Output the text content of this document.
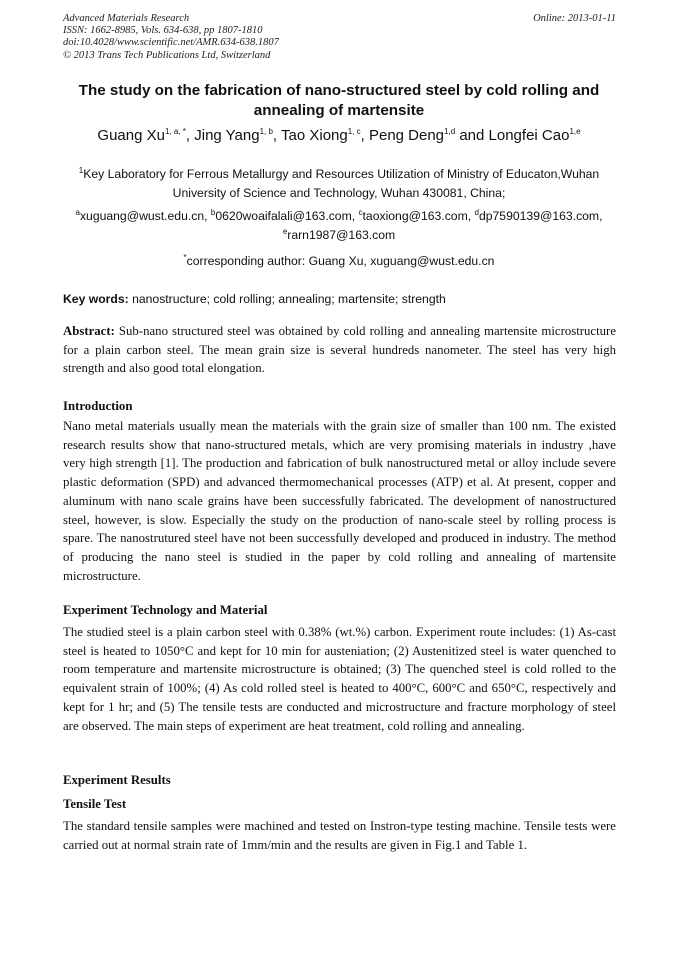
Advanced Materials Research
ISSN: 1662-8985, Vols. 634-638, pp 1807-1810
doi:10.4028/www.scientific.net/AMR.634-638.1807
© 2013 Trans Tech Publications Ltd, Switzerland
Online: 2013-01-11
The study on the fabrication of nano-structured steel by cold rolling and annealing of martensite
Guang $Xu^{1, a, *}$, Jing Yang$^{1, b}$, Tao Xiong$^{1, c}$, Peng Deng$^{1,d}$ and Longfei Cao$^{1,e}$
$^1$Key Laboratory for Ferrous Metallurgy and Resources Utilization of Ministry of Educaton,Wuhan University of Science and Technology, Wuhan 430081, China;
$^a$xuguang@wust.edu.cn, $^b$0620woaifalali@163.com, $^c$taoxiong@163.com, $^d$dp7590139@163.com, $^e$rarn1987@163.com
*corresponding author: Guang Xu, xuguang@wust.edu.cn
Key words: nanostructure; cold rolling; annealing; martensite; strength
Abstract: Sub-nano structured steel was obtained by cold rolling and annealing martensite microstructure for a plain carbon steel. The mean grain size is several hundreds nanometer. The steel has very high strength and also good total elongation.
Introduction
Nano metal materials usually mean the materials with the grain size of smaller than 100 nm. The existed research results show that nano-structured metals, which are very promising materials in industry ,have very high strength [1]. The production and fabrication of bulk nanostructured metal or alloy include severe plastic deformation (SPD) and advanced thermomechanical processes (ATP) et al. At present, copper and aluminum with nano scale grains have been successfully fabricated. The development of nanostructured steel, however, is slow. Especially the study on the production of nano-scale steel by rolling process is spare. The nanostrutured steel have not been successfully developed and produced in industry. The method of producing the nano steel is studied in the paper by cold rolling and annealing of martensite microstructure.
Experiment Technology and Material
The studied steel is a plain carbon steel with 0.38% (wt.%) carbon. Experiment route includes: (1) As-cast steel is heated to 1050°C and kept for 10 min for austeniation; (2) Austenitized steel is water quenched to room temperature and martensite microstructure is obtained; (3) The quenched steel is cold rolled to the equivalent strain of 100%; (4) As cold rolled steel is heated to 400°C, 600°C and 650°C, respectively and kept for 1 hr; and (5) The tensile tests are conducted and microstructure and fracture morphology of steel are observed. The main steps of experiment are heat treatment, cold rolling and annealing.
Experiment Results
Tensile Test
The standard tensile samples were machined and tested on Instron-type testing machine. Tensile tests were carried out at normal strain rate of 1mm/min and the results are given in Fig.1 and Table 1.
